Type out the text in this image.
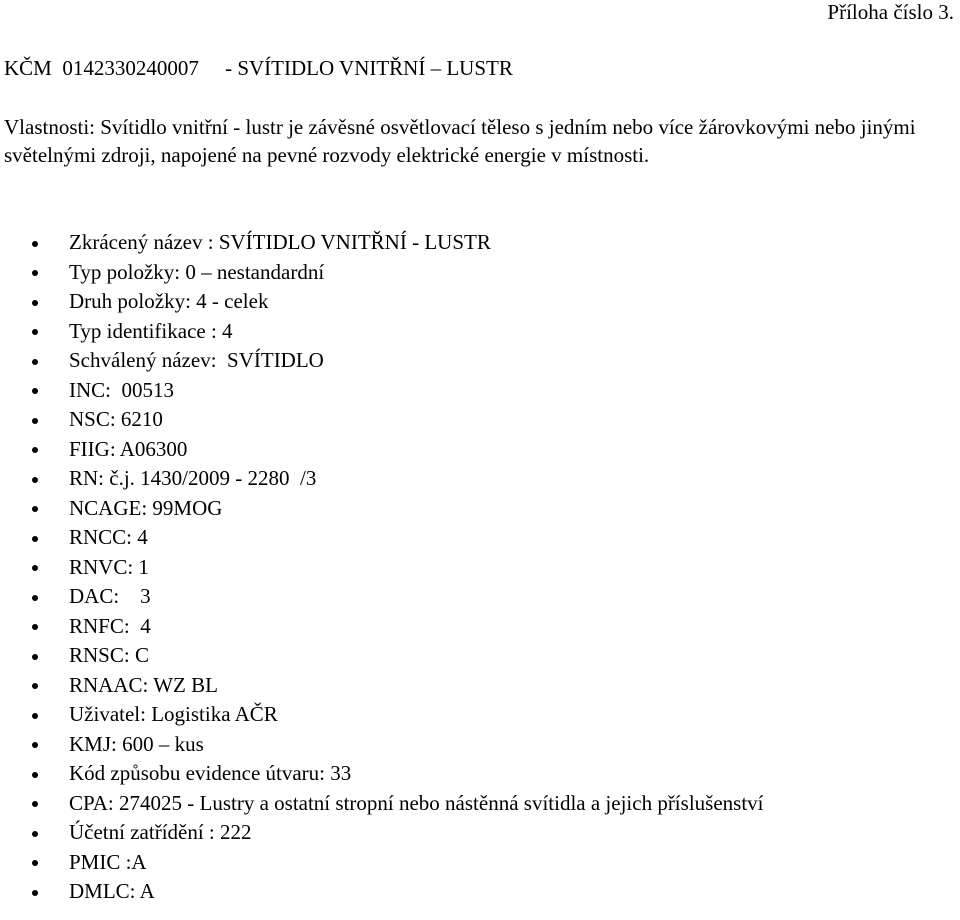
Příloha číslo 3.
KČM  0142330240007     - SVÍTIDLO VNITŘNÍ – LUSTR
Vlastnosti: Svítidlo vnitřní - lustr je závěsné osvětlovací těleso s jedním nebo více žárovkovými nebo jinými světelnými zdroji, napojené na pevné rozvody elektrické energie v místnosti.
Zkrácený název : SVÍTIDLO VNITŘNÍ - LUSTR
Typ položky: 0 – nestandardní
Druh položky: 4 - celek
Typ identifikace : 4
Schválený název:  SVÍTIDLO
INC:  00513
NSC: 6210
FIIG: A06300
RN: č.j. 1430/2009 - 2280  /3
NCAGE: 99MOG
RNCC: 4
RNVC: 1
DAC:    3
RNFC:  4
RNSC: C
RNAAC: WZ BL
Uživatel: Logistika AČR
KMJ: 600 – kus
Kód způsobu evidence útvaru: 33
CPA: 274025 - Lustry a ostatní stropní nebo nástěnná svítidla a jejich příslušenství
Účetní zatřídění : 222
PMIC :A
DMLC: A
